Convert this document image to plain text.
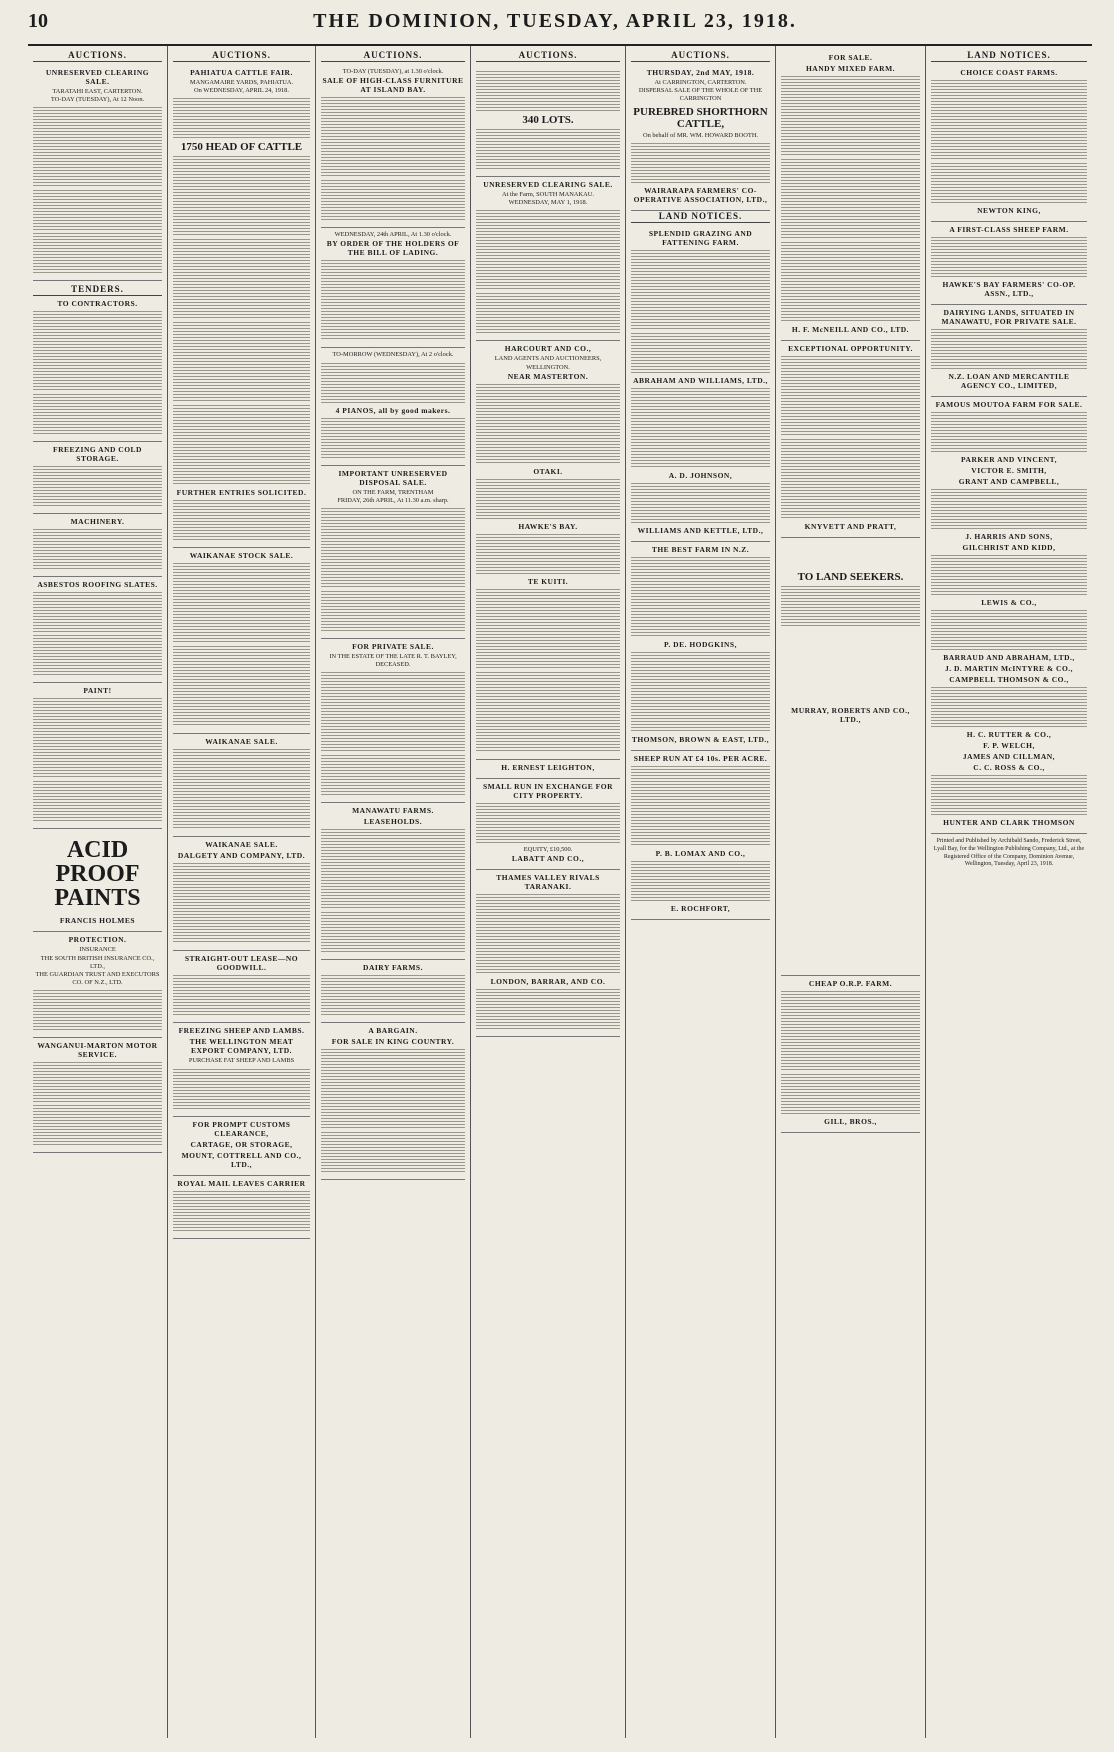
10	THE DOMINION, TUESDAY, APRIL 23, 1918.
AUCTIONS.
UNRESERVED CLEARING SALE.

TARATAHI EAST, CARTERTON.

TO-DAY (TUESDAY), At 12 Noon.

TENDERS.
TO CONTRACTORS.
FREEZING AND COLD STORAGE.
MACHINERY.
ASBESTOS ROOFING SLATES.
PAINT!
ACID PROOF PAINTS
FRANCIS HOLMES
PROTECTION.

INSURANCE

THE SOUTH BRITISH INSURANCE CO., LTD.,

THE GUARDIAN TRUST AND EXECUTORS CO. OF N.Z., LTD.

WANGANUI-MARTON MOTOR SERVICE.
AUCTIONS.
PAHIATUA CATTLE FAIR.

MANGAMAIRE YARDS, PAHIATUA.

On WEDNESDAY, APRIL 24, 1918.

1750 HEAD OF CATTLE
FURTHER ENTRIES SOLICITED.
WAIKANAE STOCK SALE.
WAIKANAE SALE.
WAIKANAE SALE.
DALGETY AND COMPANY, LTD.
STRAIGHT-OUT LEASE—NO GOODWILL.
FREEZING SHEEP AND LAMBS.
THE WELLINGTON MEAT EXPORT COMPANY, LTD.

PURCHASE FAT SHEEP AND LAMBS

FOR PROMPT CUSTOMS CLEARANCE,
CARTAGE, OR STORAGE,
MOUNT, COTTRELL AND CO., LTD.,
ROYAL MAIL LEAVES CARRIER
AUCTIONS.

TO-DAY (TUESDAY), at 1.30 o'clock.

SALE OF HIGH-CLASS FURNITURE AT ISLAND BAY.

WEDNESDAY, 24th APRIL, At 1.30 o'clock.

BY ORDER OF THE HOLDERS OF THE BILL OF LADING.

TO-MORROW (WEDNESDAY), At 2 o'clock.

4 PIANOS, all by good makers.
IMPORTANT UNRESERVED DISPOSAL SALE.

ON THE FARM, TRENTHAM

FRIDAY, 26th APRIL, At 11.30 a.m. sharp.

FOR PRIVATE SALE.

IN THE ESTATE OF THE LATE R. T. BAYLEY, DECEASED.

MANAWATU FARMS.
LEASEHOLDS.
DAIRY FARMS.
A BARGAIN.
FOR SALE IN KING COUNTRY.
AUCTIONS.
340 LOTS.
UNRESERVED CLEARING SALE.

At the Farm, SOUTH MANAKAU.

WEDNESDAY, MAY 1, 1918.

HARCOURT AND CO.,

LAND AGENTS AND AUCTIONEERS, WELLINGTON.

NEAR MASTERTON.
OTAKI.
HAWKE'S BAY.
TE KUITI.
H. ERNEST LEIGHTON,
SMALL RUN IN EXCHANGE FOR CITY PROPERTY.

EQUITY, £10,500.

LABATT AND CO.,
THAMES VALLEY RIVALS TARANAKI.
LONDON, BARRAR, AND CO.
AUCTIONS.
THURSDAY, 2nd MAY, 1918.

At CARRINGTON, CARTERTON.

DISPERSAL SALE OF THE WHOLE OF THE CARRINGTON

PUREBRED SHORTHORN CATTLE,

On behalf of MR. WM. HOWARD BOOTH.

WAIRARAPA FARMERS' CO-OPERATIVE ASSOCIATION, LTD.,
LAND NOTICES.
SPLENDID GRAZING AND FATTENING FARM.
ABRAHAM AND WILLIAMS, LTD.,
A. D. JOHNSON,
WILLIAMS AND KETTLE, LTD.,
THE BEST FARM IN N.Z.
P. DE. HODGKINS,
THOMSON, BROWN & EAST, LTD.,
SHEEP RUN AT £4 10s. PER ACRE.
P. B. LOMAX AND CO.,
E. ROCHFORT,
FOR SALE.
HANDY MIXED FARM.
H. F. McNEILL AND CO., LTD.
EXCEPTIONAL OPPORTUNITY.
KNYVETT AND PRATT,
TO LAND SEEKERS.
MURRAY, ROBERTS AND CO., LTD.,
CHEAP O.R.P. FARM.
GILL, BROS.,
LAND NOTICES.
CHOICE COAST FARMS.
NEWTON KING,
A FIRST-CLASS SHEEP FARM.
HAWKE'S BAY FARMERS' CO-OP. ASSN., LTD.,
DAIRYING LANDS, SITUATED IN MANAWATU, FOR PRIVATE SALE.
N.Z. LOAN AND MERCANTILE AGENCY CO., LIMITED,
FAMOUS MOUTOA FARM FOR SALE.
PARKER AND VINCENT,
VICTOR E. SMITH,
GRANT AND CAMPBELL,
J. HARRIS AND SONS,
GILCHRIST AND KIDD,
LEWIS & CO.,
BARRAUD AND ABRAHAM, LTD.,
J. D. MARTIN McINTYRE & CO.,
CAMPBELL THOMSON & CO.,
H. C. RUTTER & CO.,
F. P. WELCH,
JAMES AND CILLMAN,
C. C. ROSS & CO.,
HUNTER AND CLARK THOMSON
Printed and Published by Archibald Sando, Frederick Street, Lyall Bay, for the Wellington Publishing Company, Ltd., at the Registered Office of the Company, Dominion Avenue, Wellington, Tuesday, April 23, 1918.
